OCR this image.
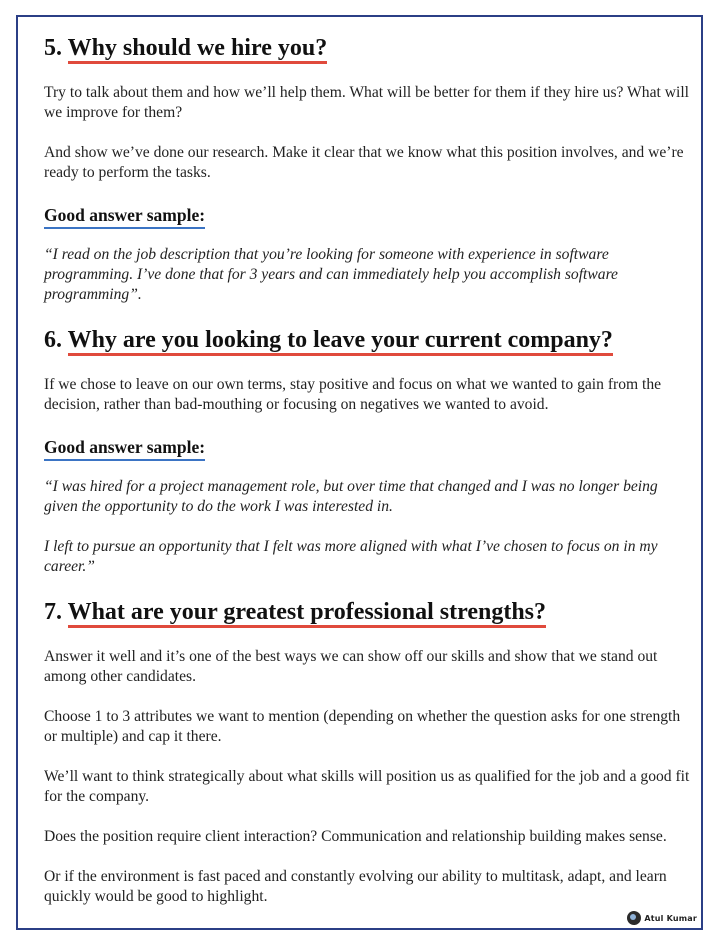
5. Why should we hire you?

Try to talk about them and how we’ll help them. What will be better for them if they hire us? What will we improve for them?

And show we’ve done our research. Make it clear that we know what this position involves, and we’re ready to perform the tasks.

Good answer sample:

“I read on the job description that you’re looking for someone with experience in software programming. I’ve done that for 3 years and can immediately help you accomplish software programming”.

6. Why are you looking to leave your current company?

If we chose to leave on our own terms, stay positive and focus on what we wanted to gain from the decision, rather than bad-mouthing or focusing on negatives we wanted to avoid.

Good answer sample:

“I was hired for a project management role, but over time that changed and I was no longer being given the opportunity to do the work I was interested in.

I left to pursue an opportunity that I felt was more aligned with what I’ve chosen to focus on in my career.”

7. What are your greatest professional strengths?

Answer it well and it’s one of the best ways we can show off our skills and show that we stand out among other candidates.

Choose 1 to 3 attributes we want to mention (depending on whether the question asks for one strength or multiple) and cap it there.

We’ll want to think strategically about what skills will position us as qualified for the job and a good fit for the company.

Does the position require client interaction? Communication and relationship building makes sense.

Or if the environment is fast paced and constantly evolving our ability to multitask, adapt, and learn quickly would be good to highlight.

Atul Kumar
